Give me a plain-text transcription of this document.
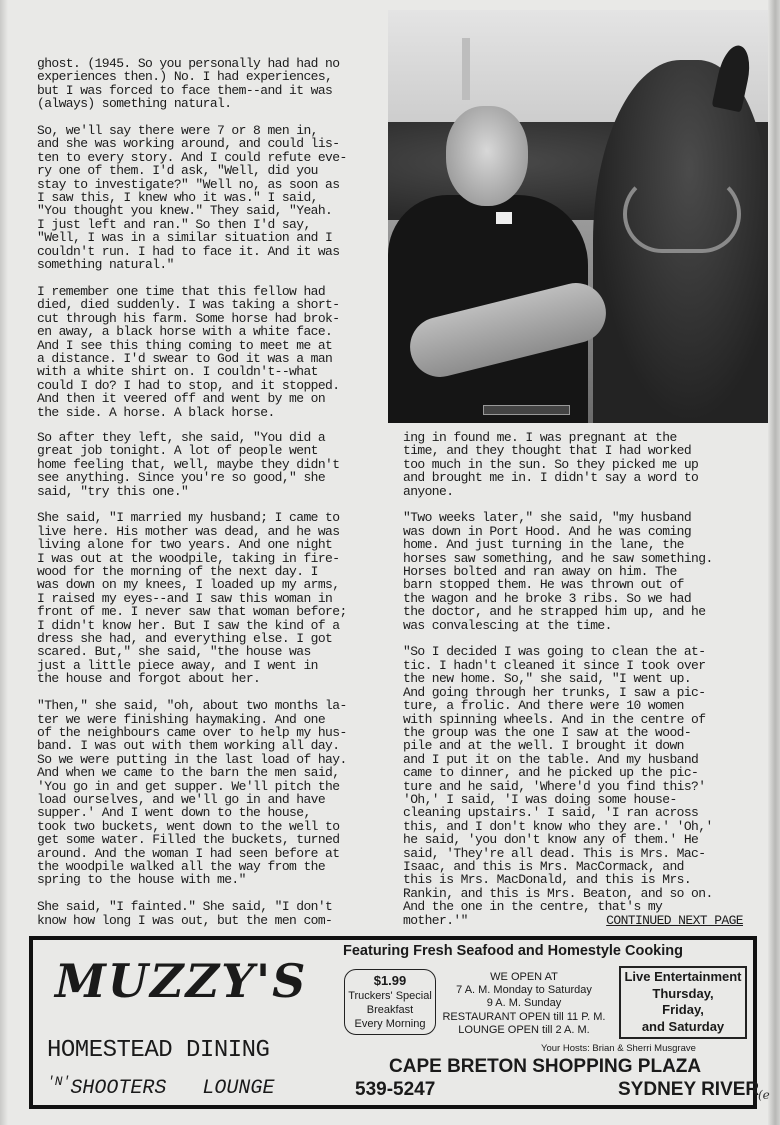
ghost. (1945. So you personally had had no
experiences then.) No. I had experiences,
but I was forced to face them--and it was
(always) something natural.
So, we'll say there were 7 or 8 men in,
and she was working around, and could lis-
ten to every story. And I could refute eve-
ry one of them. I'd ask, "Well, did you
stay to investigate?" "Well no, as soon as
I saw this, I knew who it was." I said,
"You thought you knew." They said, "Yeah.
I just left and ran." So then I'd say,
"Well, I was in a similar situation and I
couldn't run. I had to face it. And it was
something natural."
I remember one time that this fellow had
died, died suddenly. I was taking a short-
cut through his farm. Some horse had brok-
en away, a black horse with a white face.
And I see this thing coming to meet me at
a distance. I'd swear to God it was a man
with a white shirt on. I couldn't--what
could I do? I had to stop, and it stopped.
And then it veered off and went by me on
the side. A horse. A black horse.
So after they left, she said, "You did a
great job tonight. A lot of people went
home feeling that, well, maybe they didn't
see anything. Since you're so good," she
said, "try this one."
She said, "I married my husband; I came to
live here. His mother was dead, and he was
living alone for two years. And one night
I was out at the woodpile, taking in fire-
wood for the morning of the next day. I
was down on my knees, I loaded up my arms,
I raised my eyes--and I saw this woman in
front of me. I never saw that woman before;
I didn't know her. But I saw the kind of a
dress she had, and everything else. I got
scared. But," she said, "the house was
just a little piece away, and I went in
the house and forgot about her.
"Then," she said, "oh, about two months la-
ter we were finishing haymaking. And one
of the neighbours came over to help my hus-
band. I was out with them working all day.
So we were putting in the last load of hay.
And when we came to the barn the men said,
'You go in and get supper. We'll pitch the
load ourselves, and we'll go in and have
supper.' And I went down to the house,
took two buckets, went down to the well to
get some water. Filled the buckets, turned
around. And the woman I had seen before at
the woodpile walked all the way from the
spring to the house with me."
She said, "I fainted." She said, "I don't
know how long I was out, but the men com-
ing in found me. I was pregnant at the
time, and they thought that I had worked
too much in the sun. So they picked me up
and brought me in. I didn't say a word to
anyone.
"Two weeks later," she said, "my husband
was down in Port Hood. And he was coming
home. And just turning in the lane, the
horses saw something, and he saw something.
Horses bolted and ran away on him. The
barn stopped them. He was thrown out of
the wagon and he broke 3 ribs. So we had
the doctor, and he strapped him up, and he
was convalescing at the time.
"So I decided I was going to clean the at-
tic. I hadn't cleaned it since I took over
the new home. So," she said, "I went up.
And going through her trunks, I saw a pic-
ture, a frolic. And there were 10 women
with spinning wheels. And in the centre of
the group was the one I saw at the wood-
pile and at the well. I brought it down
and I put it on the table. And my husband
came to dinner, and he picked up the pic-
ture and he said, 'Where'd you find this?'
'Oh,' I said, 'I was doing some house-
cleaning upstairs.' I said, 'I ran across
this, and I don't know who they are.' 'Oh,'
he said, 'you don't know any of them.' He
said, 'They're all dead. This is Mrs. Mac-
Isaac, and this is Mrs. MacCormack, and
this is Mrs. MacDonald, and this is Mrs.
Rankin, and this is Mrs. Beaton, and so on.
And the one in the centre, that's my
mother.'"	CONTINUED NEXT PAGE
MUZZY'S
HOMESTEAD DINING
$^{'N'}$SHOOTERS   LOUNGE
Featuring Fresh Seafood and Homestyle Cooking
$1.99
Truckers' Special
Breakfast
Every Morning
WE OPEN AT
7 A. M. Monday to Saturday
9 A. M. Sunday
RESTAURANT OPEN till 11 P. M.
LOUNGE OPEN till 2 A. M.
Live Entertainment
Thursday,
Friday,
and Saturday
Your Hosts: Brian & Sherri Musgrave
CAPE BRETON SHOPPING PLAZA
539-5247	SYDNEY RIVER
(e
